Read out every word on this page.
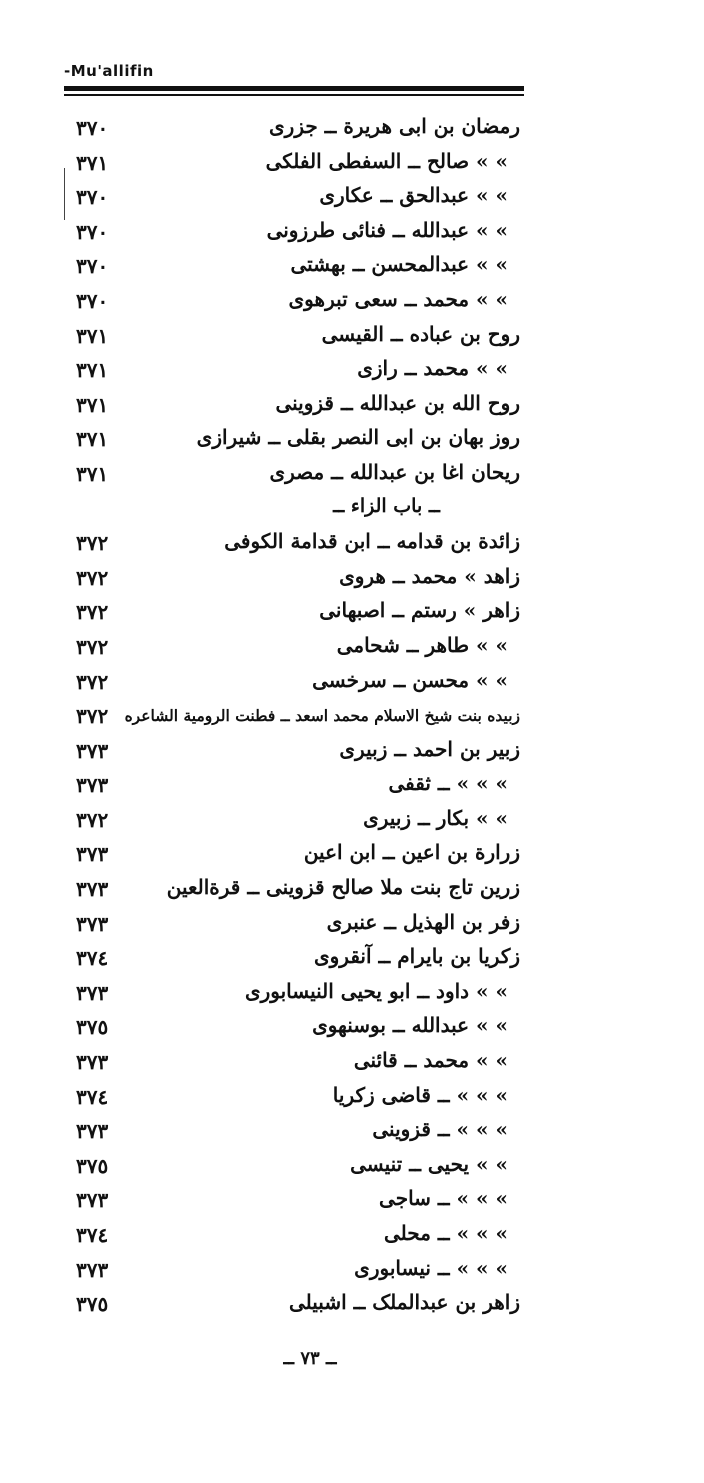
-Mu'allifin
٣٧٠	رمضان بن ابی هریرة ــ جزری
٣٧١	» » صالح ــ السفطی الفلکی
٣٧٠	» » عبدالحق ــ عکاری
٣٧٠	» » عبدالله ــ فنائی طرزونی
٣٧٠	» » عبدالمحسن ــ بهشتی
٣٧٠	» » محمد ــ سعی تبرهوی
٣٧١	روح بن عباده ــ القیسی
٣٧١	» » محمد ــ رازی
٣٧١	روح الله بن عبدالله ــ قزوینی
٣٧١	روز بهان بن ابی النصر بقلی ــ شیرازی
٣٧١	ریحان اغا بن عبدالله ــ مصری
ــ باب الزاء ــ
٣٧٢	زائدة بن قدامه ــ ابن قدامة الکوفی
٣٧٢	زاهد » محمد ــ هروی
٣٧٢	زاهر » رستم ــ اصبهانی
٣٧٢	» » طاهر ــ شحامی
٣٧٢	» » محسن ــ سرخسی
٣٧٢ زبیده بنت شیخ الاسلام محمد اسعد ــ فطنت الرومیة الشاعره
٣٧٣	زبیر بن احمد ــ زبیری
٣٧٣	» » » ــ ثقفی
٣٧٢	» » بکار ــ زبیری
٣٧٣	زرارة بن اعین ــ ابن اعین
٣٧٣	زرین تاج بنت ملا صالح قزوینی ــ قرةالعین
٣٧٣	زفر بن الهذیل ــ عنبری
٣٧٤	زکریا بن بایرام ــ آنقروی
٣٧٣	» » داود ــ ابو یحیی النیسابوری
٣٧٥	» » عبدالله ــ بوسنهوی
٣٧٣	» » محمد ــ قائنی
٣٧٤	» » » ــ قاضی زکریا
٣٧٣	» » » ــ قزوینی
٣٧٥	» » یحیی ــ تنیسی
٣٧٣	» » » ــ ساجی
٣٧٤	» » » ــ محلی
٣٧٣	» » » ــ نیسابوری
٣٧٥	زاهر بن عبدالملک ــ اشبیلی
ــ ٧٣ ــ
